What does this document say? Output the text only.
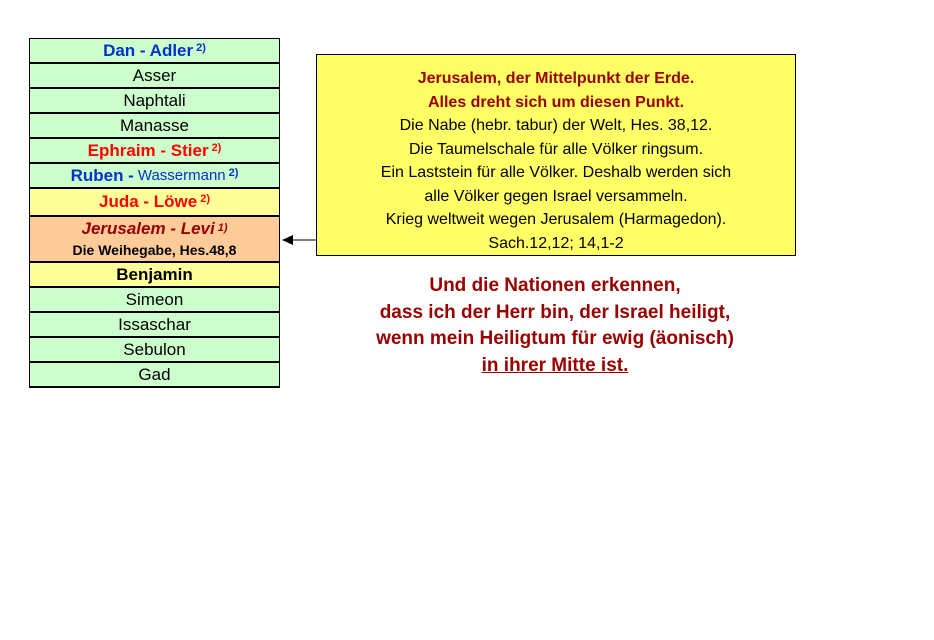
Dan - Adler $^{2)}$
Asser
Naphtali
Manasse
Ephraim - Stier $^{2)}$
Ruben - Wassermann $^{2)}$
Juda - Löwe $^{2)}$
Jerusalem - Levi $^{1)}$
Die Weihegabe, Hes.48,8
Benjamin
Simeon
Issaschar
Sebulon
Gad
Jerusalem, der Mittelpunkt der Erde.
Alles dreht sich um diesen Punkt.
Die Nabe (hebr. tabur) der Welt, Hes. 38,12.
Die Taumelschale für alle Völker ringsum.
Ein Laststein für alle Völker. Deshalb werden sich
alle Völker gegen Israel versammeln.
Krieg weltweit wegen Jerusalem (Harmagedon).
Sach.12,12; 14,1-2
Und die Nationen erkennen,
dass ich der Herr bin, der Israel heiligt,
wenn mein Heiligtum für ewig (äonisch)
in ihrer Mitte ist.
